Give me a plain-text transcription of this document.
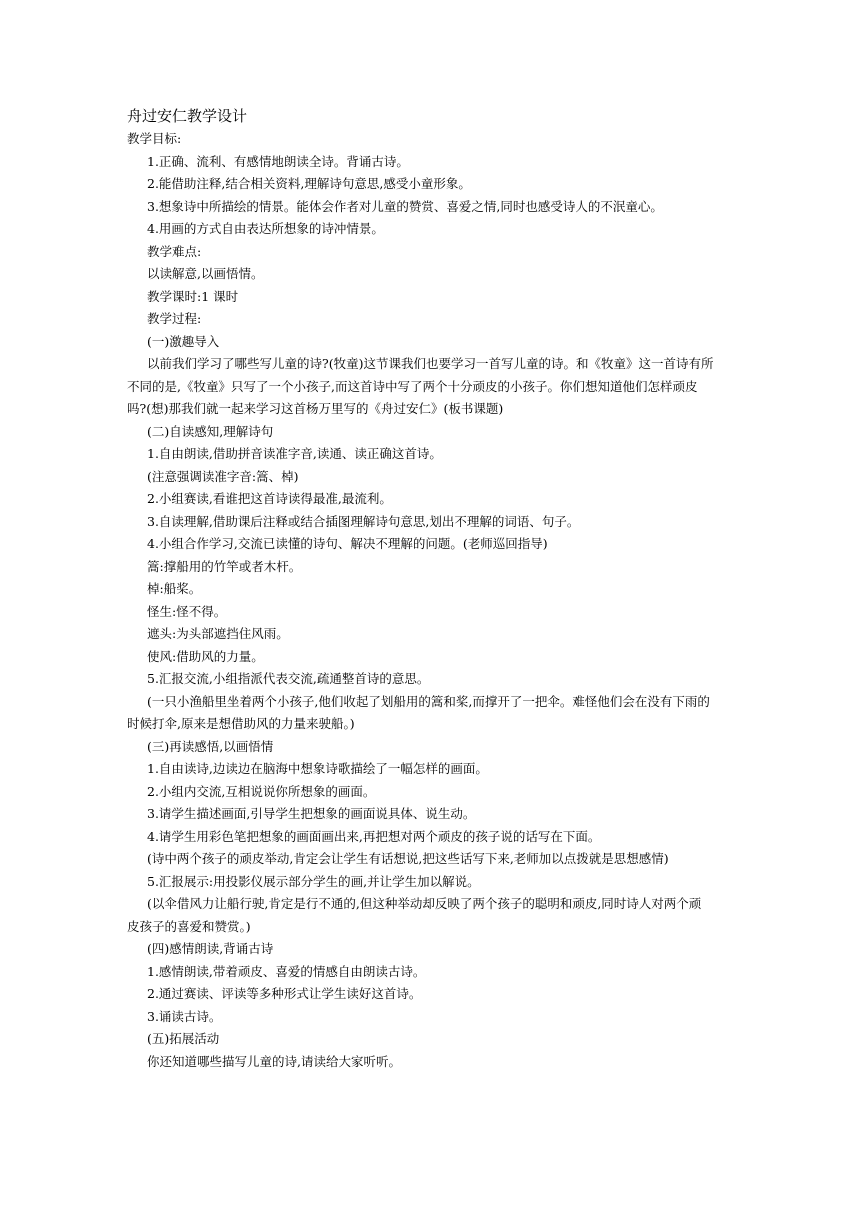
舟过安仁教学设计

教学目标:

1.正确、流利、有感情地朗读全诗。背诵古诗。

2.能借助注释,结合相关资料,理解诗句意思,感受小童形象。

3.想象诗中所描绘的情景。能体会作者对儿童的赞赏、喜爱之情,同时也感受诗人的不泯童心。

4.用画的方式自由表达所想象的诗冲情景。

教学难点:

以读解意,以画悟情。

教学课时:1 课时

教学过程:

(一)激趣导入

以前我们学习了哪些写儿童的诗?(牧童)这节课我们也要学习一首写儿童的诗。和《牧童》这一首诗有所

不同的是,《牧童》只写了一个小孩子,而这首诗中写了两个十分顽皮的小孩子。你们想知道他们怎样顽皮

吗?(想)那我们就一起来学习这首杨万里写的《舟过安仁》(板书课题)

(二)自读感知,理解诗句

1.自由朗读,借助拼音读准字音,读通、读正确这首诗。

(注意强调读准字音:篙、棹)

2.小组赛读,看谁把这首诗读得最准,最流利。

3.自读理解,借助课后注释或结合插图理解诗句意思,划出不理解的词语、句子。

4.小组合作学习,交流已读懂的诗句、解决不理解的问题。(老师巡回指导)

篙:撑船用的竹竿或者木杆。

棹:船桨。

怪生:怪不得。

遮头:为头部遮挡住风雨。

使风:借助风的力量。

5.汇报交流,小组指派代表交流,疏通整首诗的意思。

(一只小渔船里坐着两个小孩子,他们收起了划船用的篙和桨,而撑开了一把伞。难怪他们会在没有下雨的

时候打伞,原来是想借助风的力量来驶船。)

(三)再读感悟,以画悟情

1.自由读诗,边读边在脑海中想象诗歌描绘了一幅怎样的画面。

2.小组内交流,互相说说你所想象的画面。

3.请学生描述画面,引导学生把想象的画面说具体、说生动。

4.请学生用彩色笔把想象的画面画出来,再把想对两个顽皮的孩子说的话写在下面。

(诗中两个孩子的顽皮举动,肯定会让学生有话想说,把这些话写下来,老师加以点拨就是思想感情)

5.汇报展示:用投影仪展示部分学生的画,并让学生加以解说。

(以伞借风力让船行驶,肯定是行不通的,但这种举动却反映了两个孩子的聪明和顽皮,同时诗人对两个顽

皮孩子的喜爱和赞赏。)

(四)感情朗读,背诵古诗

1.感情朗读,带着顽皮、喜爱的情感自由朗读古诗。

2.通过赛读、评读等多种形式让学生读好这首诗。

3.诵读古诗。

(五)拓展活动

你还知道哪些描写儿童的诗,请读给大家听听。
